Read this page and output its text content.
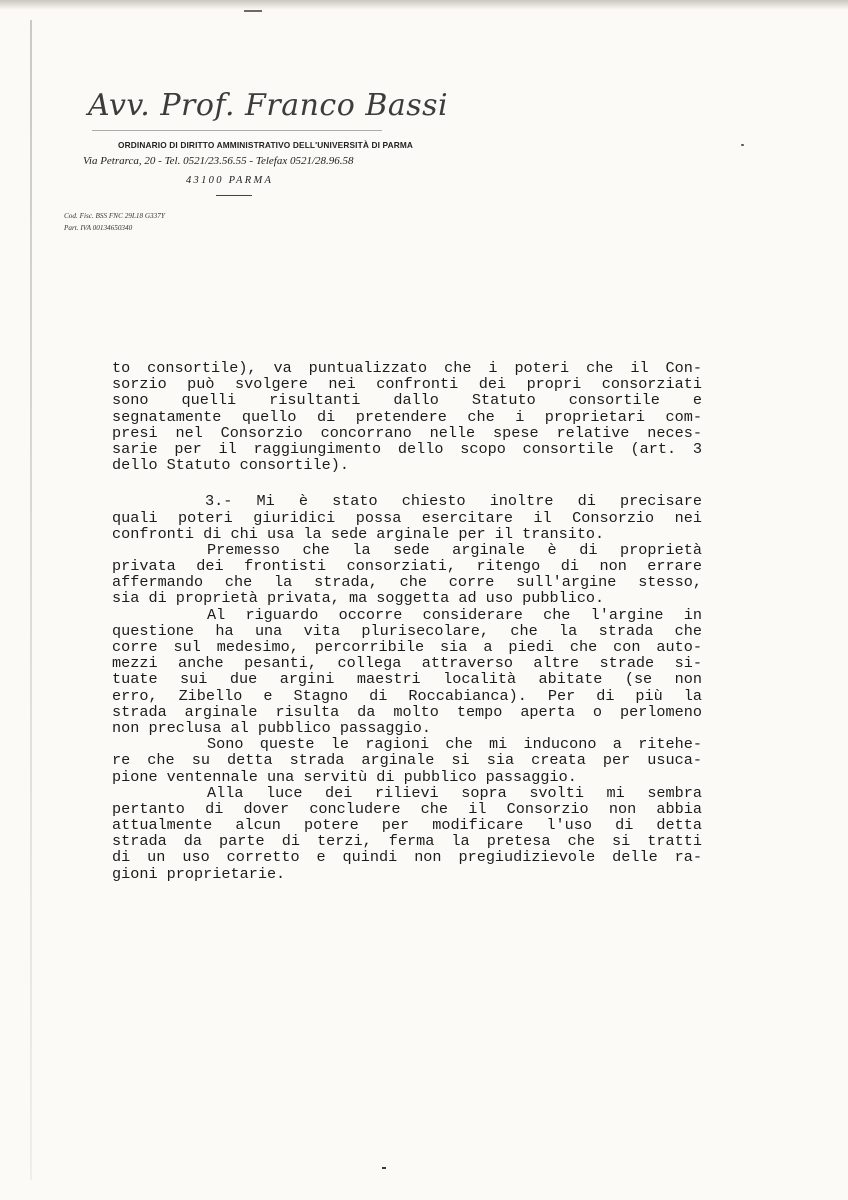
Avv. Prof. Franco Bassi
ORDINARIO DI DIRITTO AMMINISTRATIVO DELL'UNIVERSITÀ DI PARMA
Via Petrarca, 20 - Tel. 0521/23.56.55 - Telefax 0521/28.96.58
43100 PARMA
Cod. Fisc. BSS FNC 29L18 G337Y
Part. IVA 00134650340
to consortile), va puntualizzato che i poteri che il Con-
sorzio può svolgere nei confronti dei propri consorziati
sono quelli risultanti dallo Statuto consortile e
segnatamente quello di pretendere che i proprietari com-
presi nel Consorzio concorrano nelle spese relative neces-
sarie per il raggiungimento dello scopo consortile (art. 3
dello Statuto consortile).
3.- Mi è stato chiesto inoltre di precisare
quali poteri giuridici possa esercitare il Consorzio nei
confronti di chi usa la sede arginale per il transito.
Premesso che la sede arginale è di proprietà
privata dei frontisti consorziati, ritengo di non errare
affermando che la strada, che corre sull'argine stesso,
sia di proprietà privata, ma soggetta ad uso pubblico.
Al riguardo occorre considerare che l'argine in
questione ha una vita plurisecolare, che la strada che
corre sul medesimo, percorribile sia a piedi che con auto-
mezzi anche pesanti, collega attraverso altre strade si-
tuate sui due argini maestri località abitate (se non
erro, Zibello e Stagno di Roccabianca). Per di più la
strada arginale risulta da molto tempo aperta o perlomeno
non preclusa al pubblico passaggio.
Sono queste le ragioni che mi inducono a ritehe-
re che su detta strada arginale si sia creata per usuca-
pione ventennale una servitù di pubblico passaggio.
Alla luce dei rilievi sopra svolti mi sembra
pertanto di dover concludere che il Consorzio non abbia
attualmente alcun potere per modificare l'uso di detta
strada da parte di terzi, ferma la pretesa che si tratti
di un uso corretto e quindi non pregiudizievole delle ra-
gioni proprietarie.
